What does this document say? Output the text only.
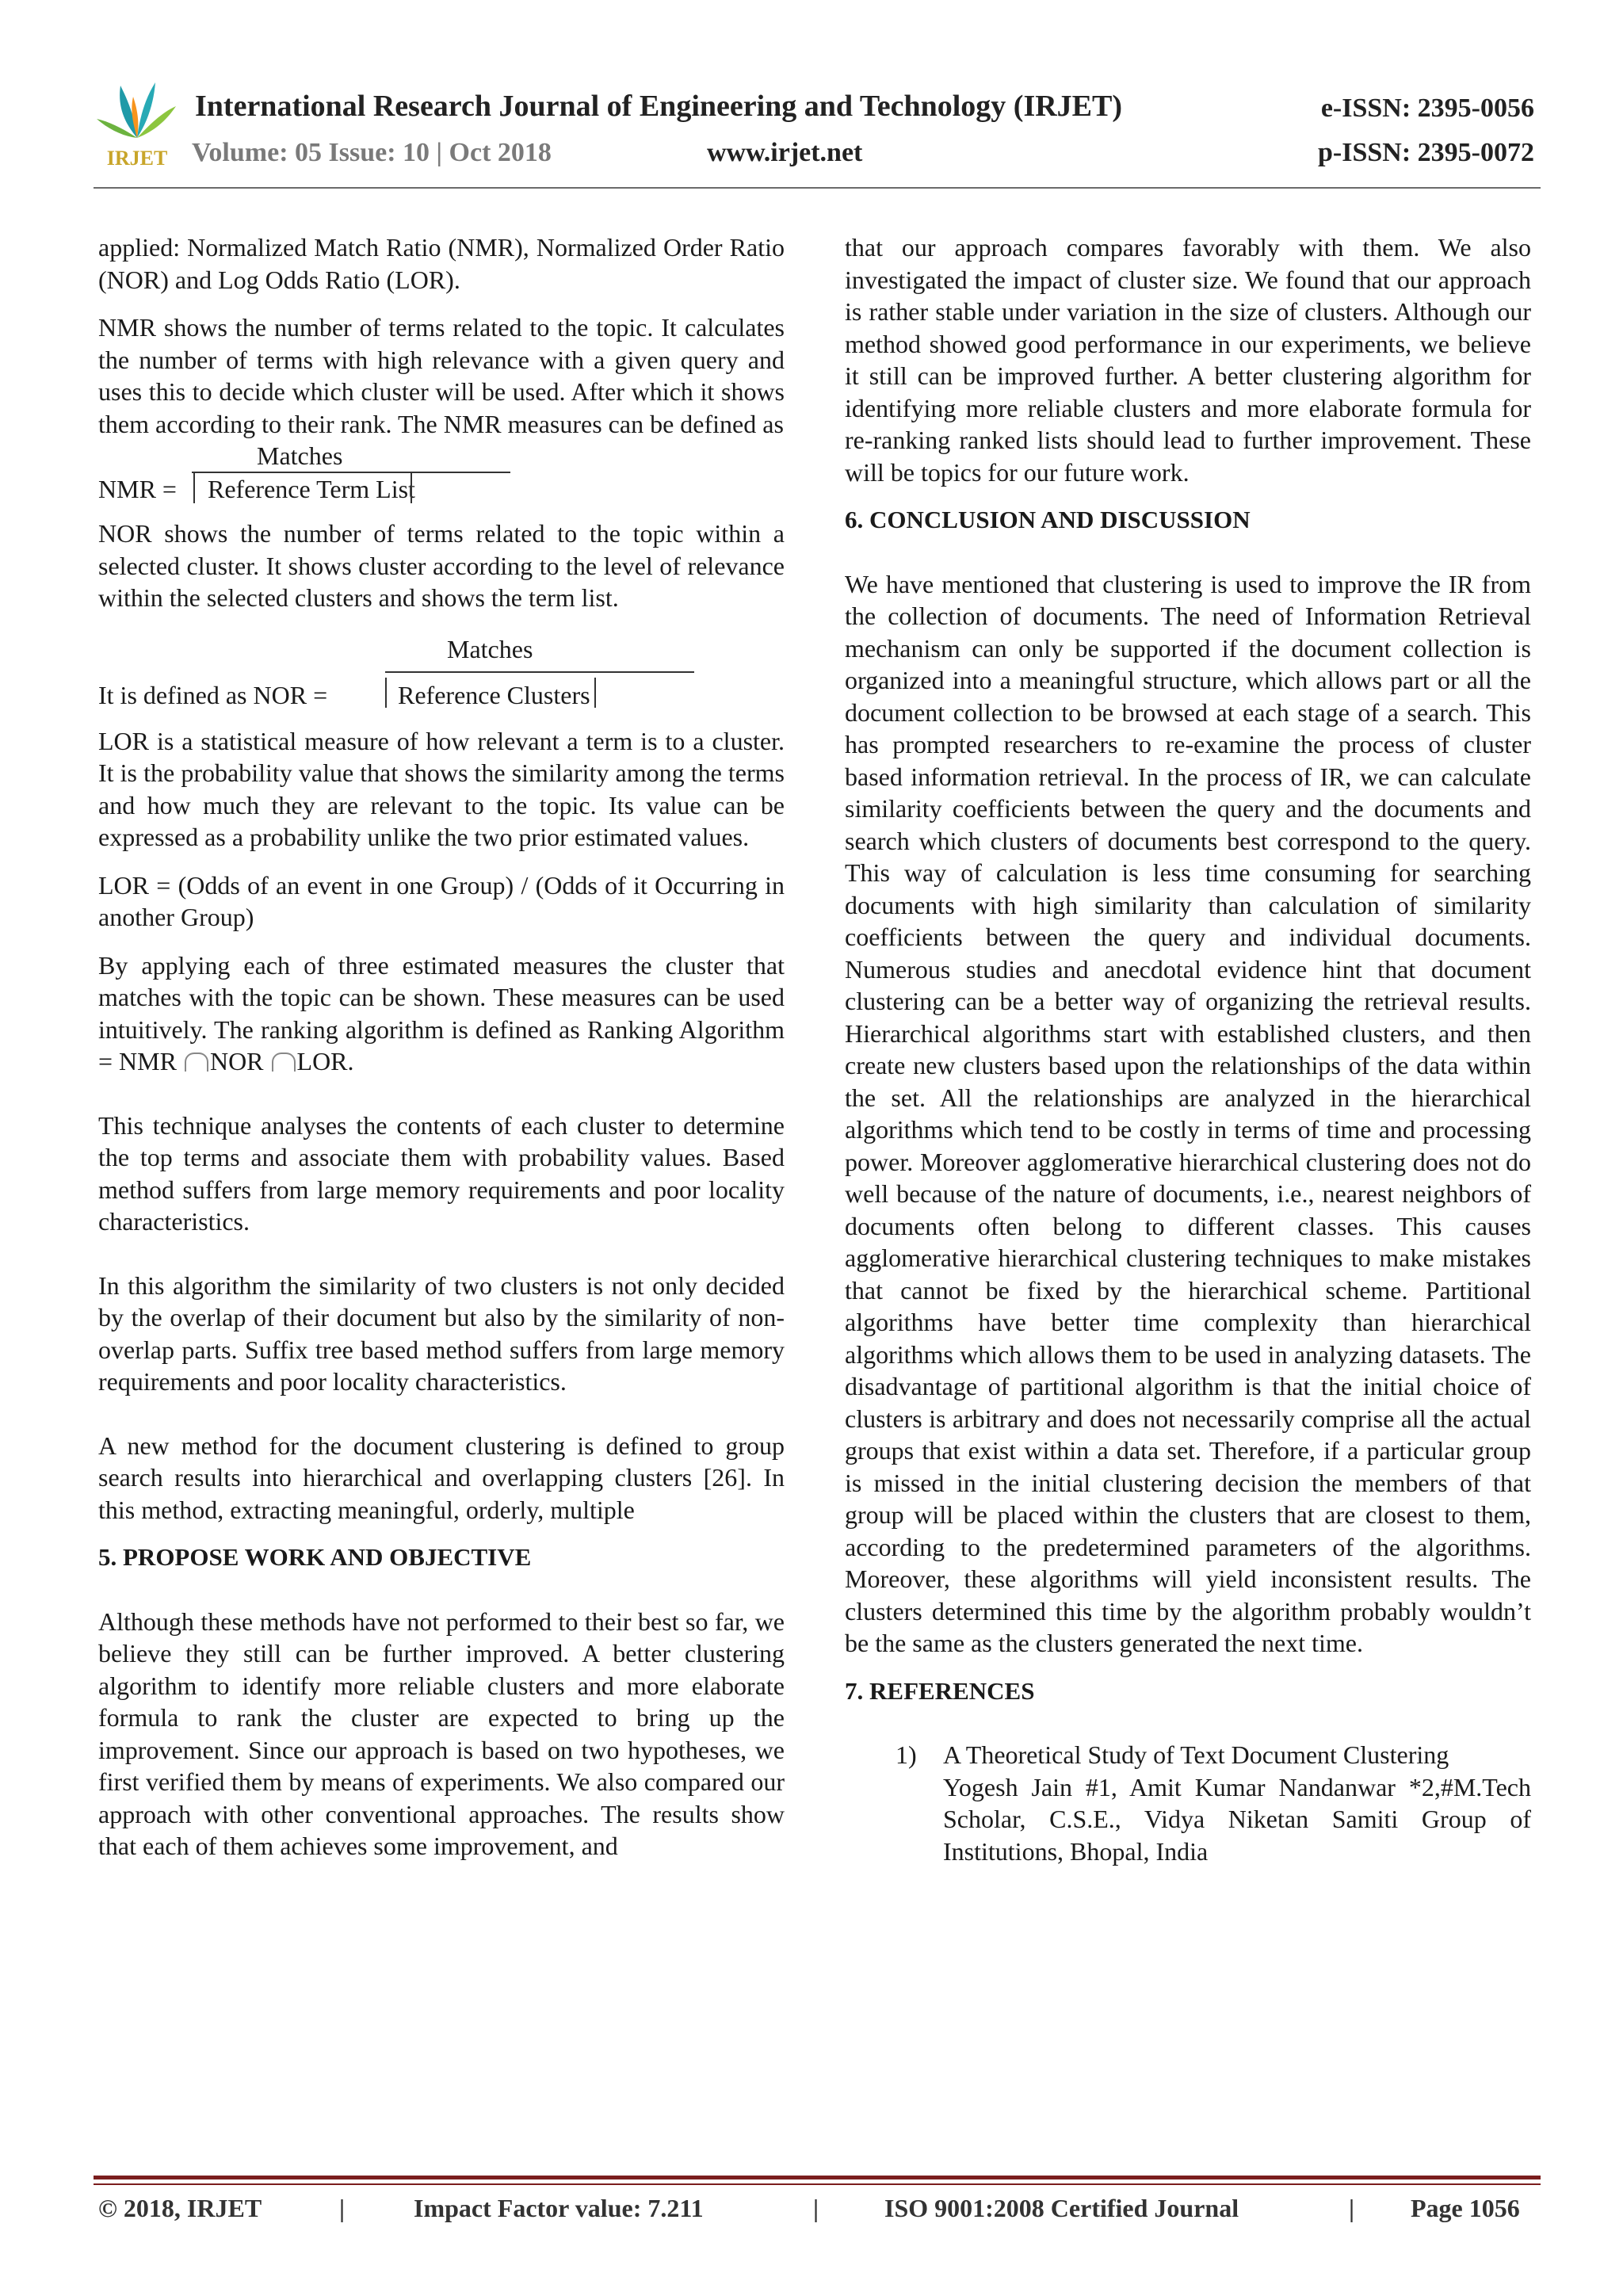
IRJET
International Research Journal of Engineering and Technology (IRJET)	e-ISSN: 2395-0056
Volume: 05 Issue: 10 | Oct 2018	www.irjet.net	p-ISSN: 2395-0072

applied: Normalized Match Ratio (NMR), Normalized Order Ratio (NOR) and Log Odds Ratio (LOR).

NMR shows the number of terms related to the topic. It calculates the number of terms with high relevance with a given query and uses this to decide which cluster will be used. After which it shows them according to their rank. The NMR measures can be defined as

Matches
NMR = Reference Term List

NOR shows the number of terms related to the topic within a selected cluster. It shows cluster according to the level of relevance within the selected clusters and shows the term list.

Matches
It is defined as NOR =	Reference Clusters

LOR is a statistical measure of how relevant a term is to a cluster. It is the probability value that shows the similarity among the terms and how much they are relevant to the topic. Its value can be expressed as a probability unlike the two prior estimated values.

LOR = (Odds of an event in one Group) / (Odds of it Occurring in another Group)

By applying each of three estimated measures the cluster that matches with the topic can be shown. These measures can be used intuitively. The ranking algorithm is defined as Ranking Algorithm = NMR NOR LOR.

This technique analyses the contents of each cluster to determine the top terms and associate them with probability values. Based method suffers from large memory requirements and poor locality characteristics.

In this algorithm the similarity of two clusters is not only decided by the overlap of their document but also by the similarity of non-overlap parts. Suffix tree based method suffers from large memory requirements and poor locality characteristics.

A new method for the document clustering is defined to group search results into hierarchical and overlapping clusters [26]. In this method, extracting meaningful, orderly, multiple

5. PROPOSE WORK AND OBJECTIVE

Although these methods have not performed to their best so far, we believe they still can be further improved. A better clustering algorithm to identify more reliable clusters and more elaborate formula to rank the cluster are expected to bring up the improvement. Since our approach is based on two hypotheses, we first verified them by means of experiments. We also compared our approach with other conventional approaches. The results show that each of them achieves some improvement, and

that our approach compares favorably with them. We also investigated the impact of cluster size. We found that our approach is rather stable under variation in the size of clusters. Although our method showed good performance in our experiments, we believe it still can be improved further. A better clustering algorithm for identifying more reliable clusters and more elaborate formula for re-ranking ranked lists should lead to further improvement. These will be topics for our future work.

6. CONCLUSION AND DISCUSSION

We have mentioned that clustering is used to improve the IR from the collection of documents. The need of Information Retrieval mechanism can only be supported if the document collection is organized into a meaningful structure, which allows part or all the document collection to be browsed at each stage of a search. This has prompted researchers to re-examine the process of cluster based information retrieval. In the process of IR, we can calculate similarity coefficients between the query and the documents and search which clusters of documents best correspond to the query. This way of calculation is less time consuming for searching documents with high similarity than calculation of similarity coefficients between the query and individual documents. Numerous studies and anecdotal evidence hint that document clustering can be a better way of organizing the retrieval results. Hierarchical algorithms start with established clusters, and then create new clusters based upon the relationships of the data within the set. All the relationships are analyzed in the hierarchical algorithms which tend to be costly in terms of time and processing power. Moreover agglomerative hierarchical clustering does not do well because of the nature of documents, i.e., nearest neighbors of documents often belong to different classes. This causes agglomerative hierarchical clustering techniques to make mistakes that cannot be fixed by the hierarchical scheme. Partitional algorithms have better time complexity than hierarchical algorithms which allows them to be used in analyzing datasets. The disadvantage of partitional algorithm is that the initial choice of clusters is arbitrary and does not necessarily comprise all the actual groups that exist within a data set. Therefore, if a particular group is missed in the initial clustering decision the members of that group will be placed within the clusters that are closest to them, according to the predetermined parameters of the algorithms. Moreover, these algorithms will yield inconsistent results. The clusters determined this time by the algorithm probably wouldn’t be the same as the clusters generated the next time.

7. REFERENCES
1) A Theoretical Study of Text Document Clustering

Yogesh Jain #1, Amit Kumar Nandanwar *2,#M.Tech Scholar, C.S.E., Vidya Niketan Samiti Group of Institutions, Bhopal, India

© 2018, IRJET	|	Impact Factor value: 7.211	|	ISO 9001:2008 Certified Journal	| Page 1056
